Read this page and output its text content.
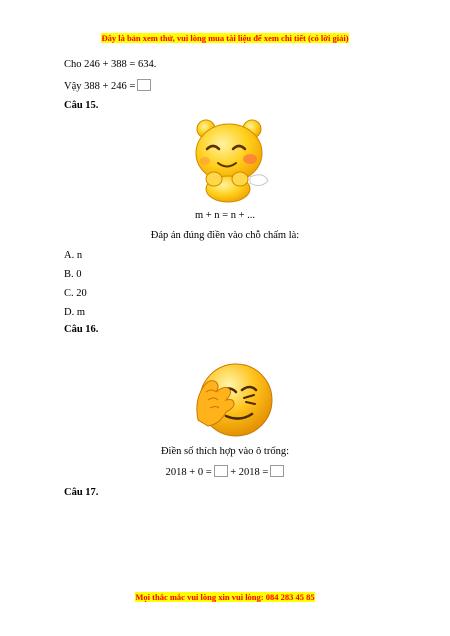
Đây là bản xem thử, vui lòng mua tài liệu để xem chi tiết (có lời giải)
Cho 246 + 388 = 634.
Vậy 388 + 246 =
Câu 15.
m + n = n + ...
Đáp án đúng điền vào chỗ chấm là:
A. n
B. 0
C. 20
D. m
Câu 16.
Điền số thích hợp vào ô trống:
2018 + 0 = + 2018 =
Câu 17.
Mọi thắc mắc vui lòng xin vui lòng: 084 283 45 85
